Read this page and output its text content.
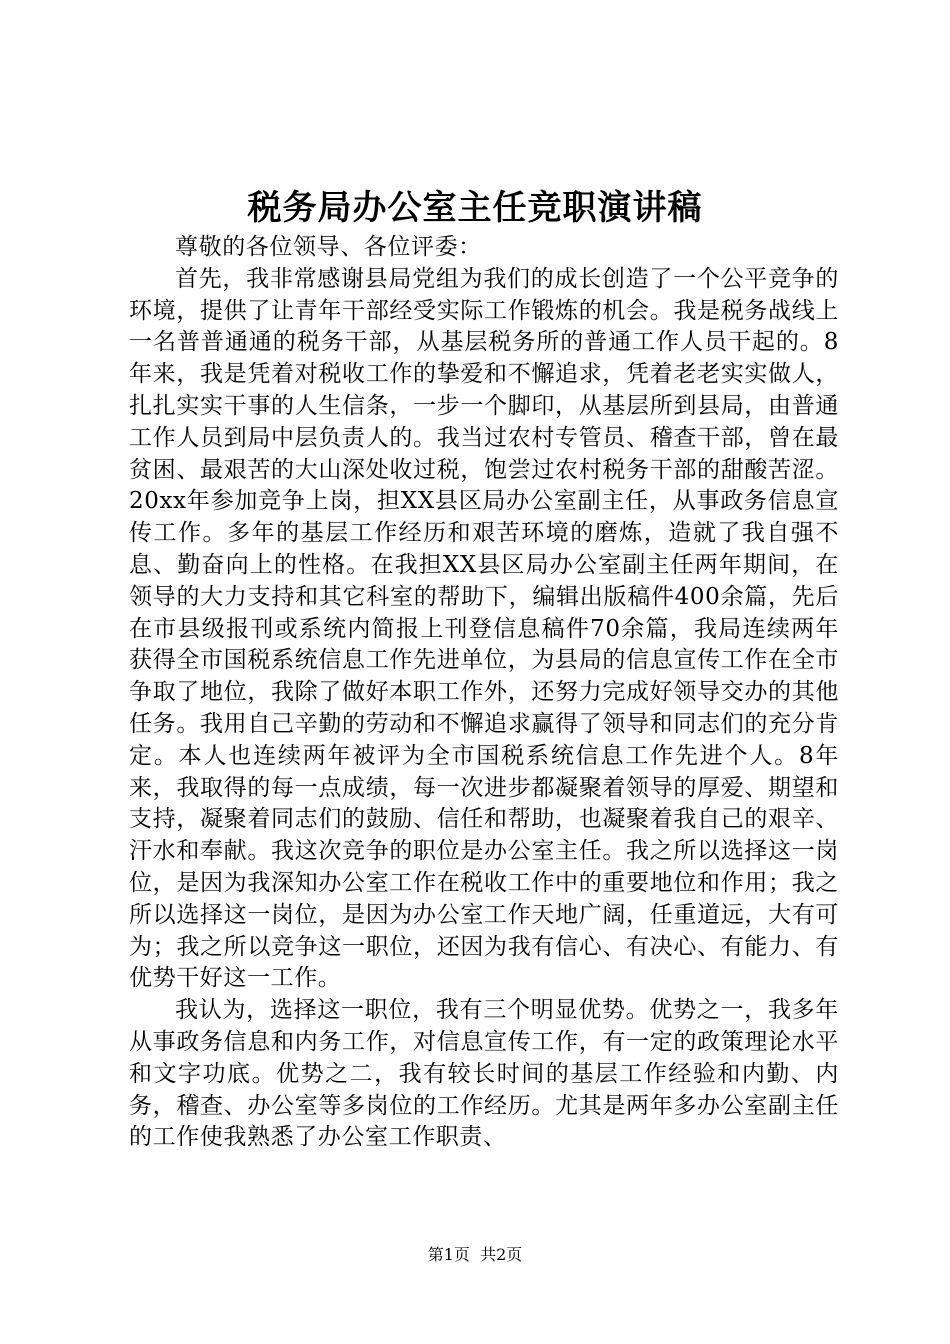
税务局办公室主任竞职演讲稿

尊敬的各位领导、各位评委：

首先，我非常感谢县局党组为我们的成长创造了一个公平竞争的环境，提供了让青年干部经受实际工作锻炼的机会。我是税务战线上一名普普通通的税务干部，从基层税务所的普通工作人员干起的。8年来，我是凭着对税收工作的挚爱和不懈追求，凭着老老实实做人，扎扎实实干事的人生信条，一步一个脚印，从基层所到县局，由普通工作人员到局中层负责人的。我当过农村专管员、稽查干部，曾在最贫困、最艰苦的大山深处收过税，饱尝过农村税务干部的甜酸苦涩。20xx年参加竞争上岗，担XX县区局办公室副主任，从事政务信息宣传工作。多年的基层工作经历和艰苦环境的磨炼，造就了我自强不息、勤奋向上的性格。在我担XX县区局办公室副主任两年期间，在领导的大力支持和其它科室的帮助下，编辑出版稿件400余篇，先后在市县级报刊或系统内简报上刊登信息稿件70余篇，我局连续两年获得全市国税系统信息工作先进单位，为县局的信息宣传工作在全市争取了地位，我除了做好本职工作外，还努力完成好领导交办的其他任务。我用自己辛勤的劳动和不懈追求赢得了领导和同志们的充分肯定。本人也连续两年被评为全市国税系统信息工作先进个人。8年来，我取得的每一点成绩，每一次进步都凝聚着领导的厚爱、期望和支持，凝聚着同志们的鼓励、信任和帮助，也凝聚着我自己的艰辛、汗水和奉献。我这次竞争的职位是办公室主任。我之所以选择这一岗位，是因为我深知办公室工作在税收工作中的重要地位和作用；我之所以选择这一岗位，是因为办公室工作天地广阔，任重道远，大有可为；我之所以竞争这一职位，还因为我有信心、有决心、有能力、有优势干好这一工作。

我认为，选择这一职位，我有三个明显优势。优势之一，我多年从事政务信息和内务工作，对信息宣传工作，有一定的政策理论水平和文字功底。优势之二，我有较长时间的基层工作经验和内勤、内务，稽查、办公室等多岗位的工作经历。尤其是两年多办公室副主任的工作使我熟悉了办公室工作职责、

第1页 共2页
